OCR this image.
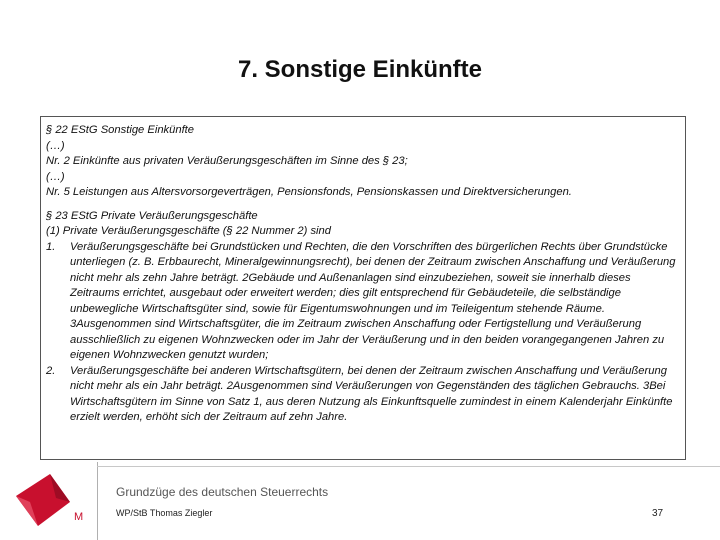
7. Sonstige Einkünfte

§ 22 EStG Sonstige Einkünfte

(…)

Nr. 2 Einkünfte aus privaten Veräußerungsgeschäften im Sinne des § 23;

(…)

Nr. 5 Leistungen aus Altersvorsorgeverträgen, Pensionsfonds, Pensionskassen und Direktversicherungen.

§ 23 EStG Private Veräußerungsgeschäfte

(1) Private Veräußerungsgeschäfte (§ 22 Nummer 2) sind

1. Veräußerungsgeschäfte bei Grundstücken und Rechten, die den Vorschriften des bürgerlichen Rechts über Grundstücke unterliegen (z. B. Erbbaurecht, Mineralgewinnungsrecht), bei denen der Zeitraum zwischen Anschaffung und Veräußerung nicht mehr als zehn Jahre beträgt. 2Gebäude und Außenanlagen sind einzubeziehen, soweit sie innerhalb dieses Zeitraums errichtet, ausgebaut oder erweitert werden; dies gilt entsprechend für Gebäudeteile, die selbständige unbewegliche Wirtschaftsgüter sind, sowie für Eigentumswohnungen und im Teileigentum stehende Räume. 3Ausgenommen sind Wirtschaftsgüter, die im Zeitraum zwischen Anschaffung oder Fertigstellung und Veräußerung ausschließlich zu eigenen Wohnzwecken oder im Jahr der Veräußerung und in den beiden vorangegangenen Jahren zu eigenen Wohnzwecken genutzt wurden;
2. Veräußerungsgeschäfte bei anderen Wirtschaftsgütern, bei denen der Zeitraum zwischen Anschaffung und Veräußerung nicht mehr als ein Jahr beträgt. 2Ausgenommen sind Veräußerungen von Gegenständen des täglichen Gebrauchs. 3Bei Wirtschaftsgütern im Sinne von Satz 1, aus deren Nutzung als Einkunftsquelle zumindest in einem Kalenderjahr Einkünfte erzielt werden, erhöht sich der Zeitraum auf zehn Jahre.
M
Grundzüge des deutschen Steuerrechts
WP/StB Thomas Ziegler	37
